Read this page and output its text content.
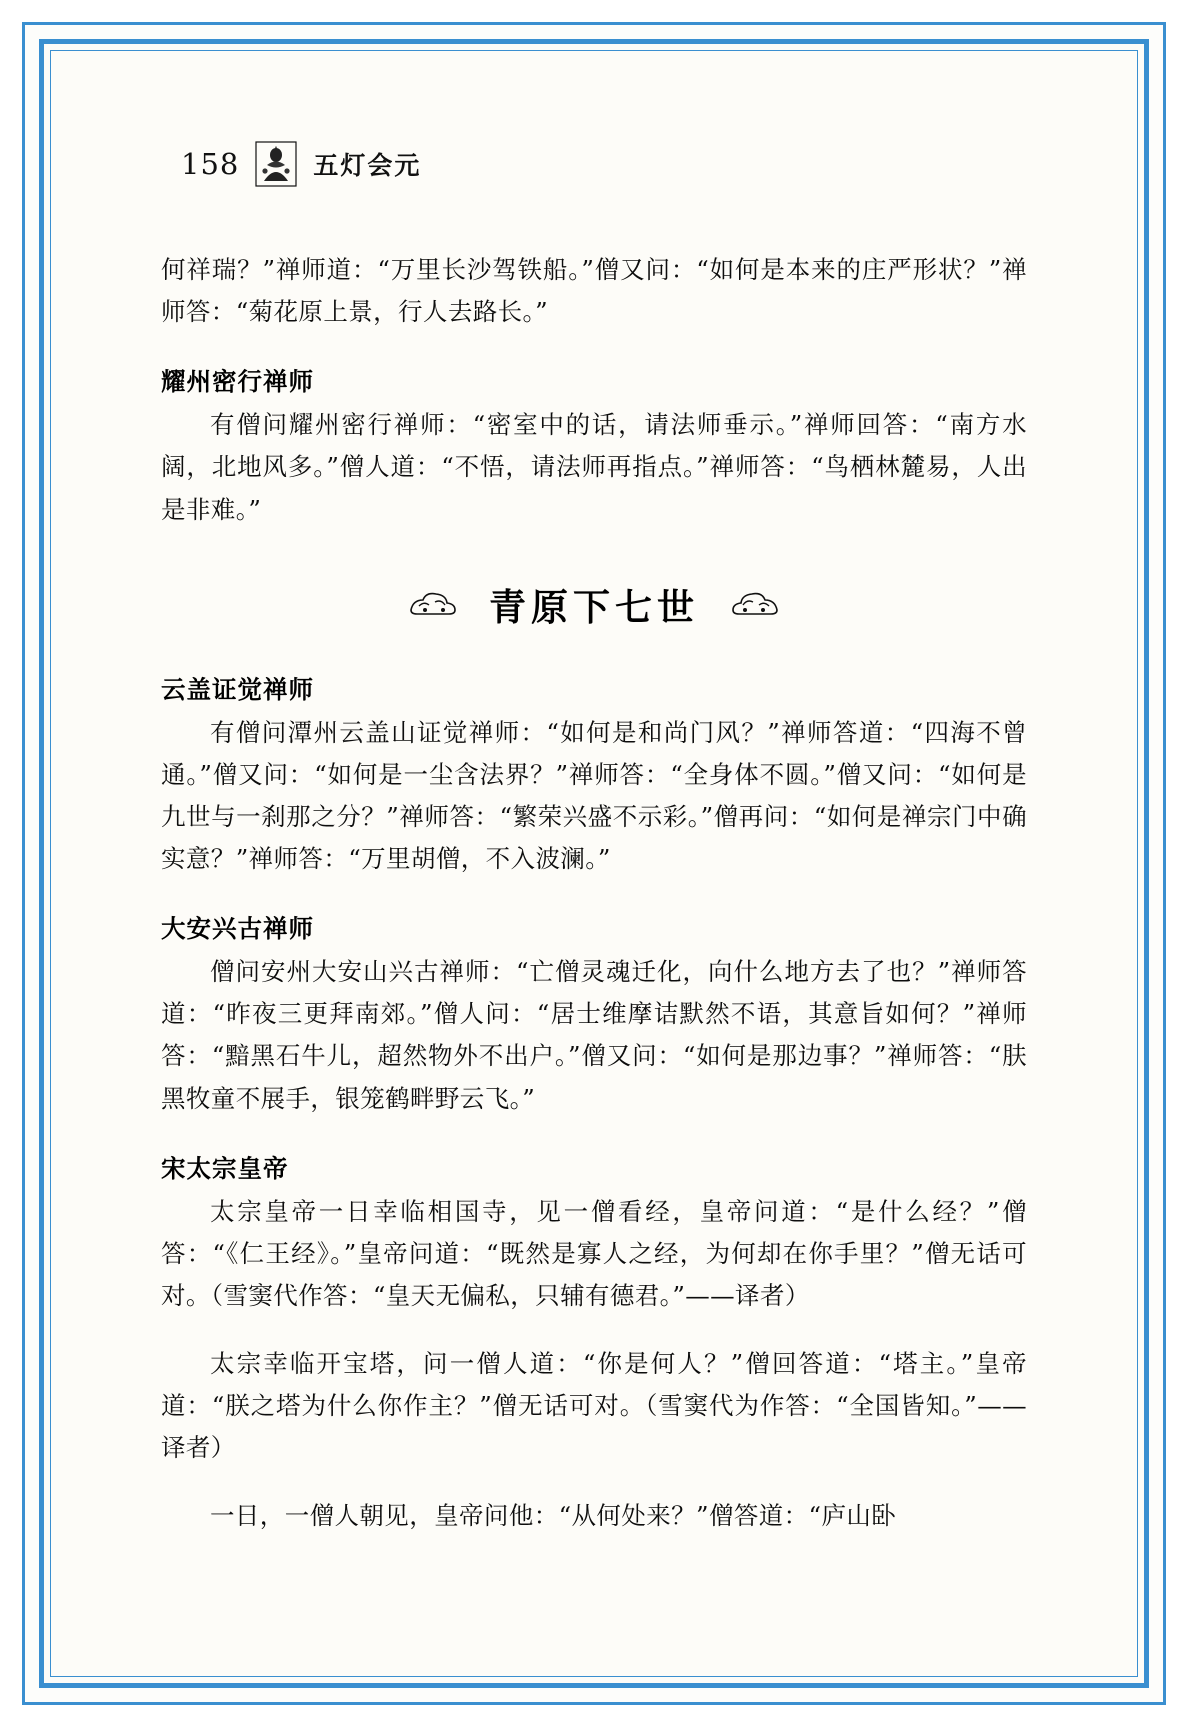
158	五灯会元

何祥瑞？”禅师道：“万里长沙驾铁船。”僧又问：“如何是本来的庄严形状？”禅师答：“菊花原上景，行人去路长。”

耀州密行禅师

有僧问耀州密行禅师：“密室中的话，请法师垂示。”禅师回答：“南方水阔，北地风多。”僧人道：“不悟，请法师再指点。”禅师答：“鸟栖林麓易，人出是非难。”

青原下七世
云盖证觉禅师

有僧问潭州云盖山证觉禅师：“如何是和尚门风？”禅师答道：“四海不曾通。”僧又问：“如何是一尘含法界？”禅师答：“全身体不圆。”僧又问：“如何是九世与一刹那之分？”禅师答：“繁荣兴盛不示彩。”僧再问：“如何是禅宗门中确实意？”禅师答：“万里胡僧，不入波澜。”

大安兴古禅师

僧问安州大安山兴古禅师：“亡僧灵魂迁化，向什么地方去了也？”禅师答道：“昨夜三更拜南郊。”僧人问：“居士维摩诘默然不语，其意旨如何？”禅师答：“黯黑石牛儿，超然物外不出户。”僧又问：“如何是那边事？”禅师答：“肤黑牧童不展手，银笼鹤畔野云飞。”

宋太宗皇帝

太宗皇帝一日幸临相国寺，见一僧看经，皇帝问道：“是什么经？”僧答：“《仁王经》。”皇帝问道：“既然是寡人之经，为何却在你手里？”僧无话可对。（雪窦代作答：“皇天无偏私，只辅有德君。”——译者）

太宗幸临开宝塔，问一僧人道：“你是何人？”僧回答道：“塔主。”皇帝道：“朕之塔为什么你作主？”僧无话可对。（雪窦代为作答：“全国皆知。”——译者）

一日，一僧人朝见，皇帝问他：“从何处来？”僧答道：“庐山卧
